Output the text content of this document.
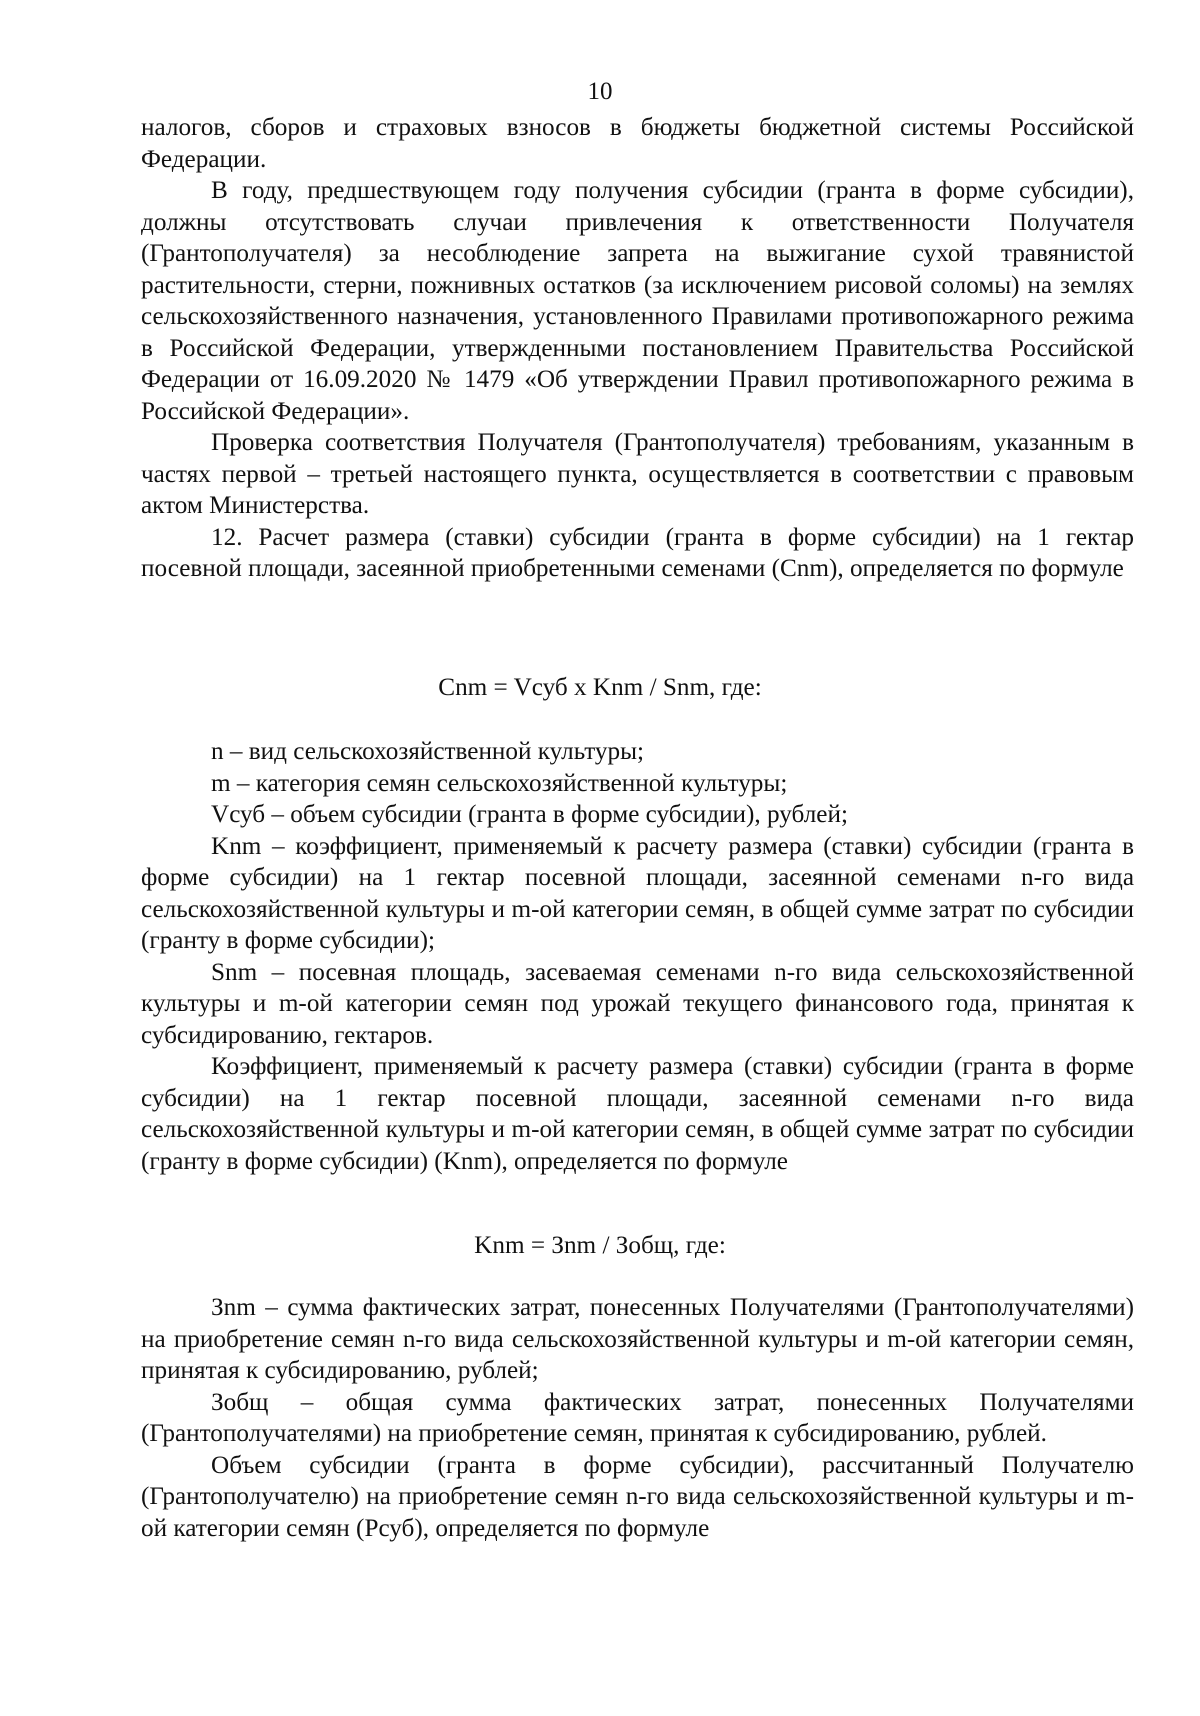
10

налогов, сборов и страховых взносов в бюджеты бюджетной системы Российской Федерации.

В году, предшествующем году получения субсидии (гранта в форме субсидии), должны отсутствовать случаи привлечения к ответственности Получателя (Грантополучателя) за несоблюдение запрета на выжигание сухой травянистой растительности, стерни, пожнивных остатков (за исключением рисовой соломы) на землях сельскохозяйственного назначения, установленного Правилами противопожарного режима в Российской Федерации, утвержденными постановлением Правительства Российской Федерации от 16.09.2020 № 1479 «Об утверждении Правил противопожарного режима в Российской Федерации».

Проверка соответствия Получателя (Грантополучателя) требованиям, указанным в частях первой – третьей настоящего пункта, осуществляется в соответствии с правовым актом Министерства.

12. Расчет размера (ставки) субсидии (гранта в форме субсидии) на 1 гектар посевной площади, засеянной приобретенными семенами (Cnm), определяется по формуле

Cnm = Vсуб x Knm / Snm, где:

n – вид сельскохозяйственной культуры;

m – категория семян сельскохозяйственной культуры;

Vсуб – объем субсидии (гранта в форме субсидии), рублей;

Knm – коэффициент, применяемый к расчету размера (ставки) субсидии (гранта в форме субсидии) на 1 гектар посевной площади, засеянной семенами n-го вида сельскохозяйственной культуры и m-ой категории семян, в общей сумме затрат по субсидии (гранту в форме субсидии);

Snm – посевная площадь, засеваемая семенами n-го вида сельскохозяйственной культуры и m-ой категории семян под урожай текущего финансового года, принятая к субсидированию, гектаров.

Коэффициент, применяемый к расчету размера (ставки) субсидии (гранта в форме субсидии) на 1 гектар посевной площади, засеянной семенами n-го вида сельскохозяйственной культуры и m-ой категории семян, в общей сумме затрат по субсидии (гранту в форме субсидии) (Knm), определяется по формуле

Knm = Зnm / Зобщ, где:

Зnm – сумма фактических затрат, понесенных Получателями (Грантополучателями) на приобретение семян n-го вида сельскохозяйственной культуры и m-ой категории семян, принятая к субсидированию, рублей;

Зобщ – общая сумма фактических затрат, понесенных Получателями (Грантополучателями) на приобретение семян, принятая к субсидированию, рублей.

Объем субсидии (гранта в форме субсидии), рассчитанный Получателю (Грантополучателю) на приобретение семян n-го вида сельскохозяйственной культуры и m-ой категории семян (Рсуб), определяется по формуле
